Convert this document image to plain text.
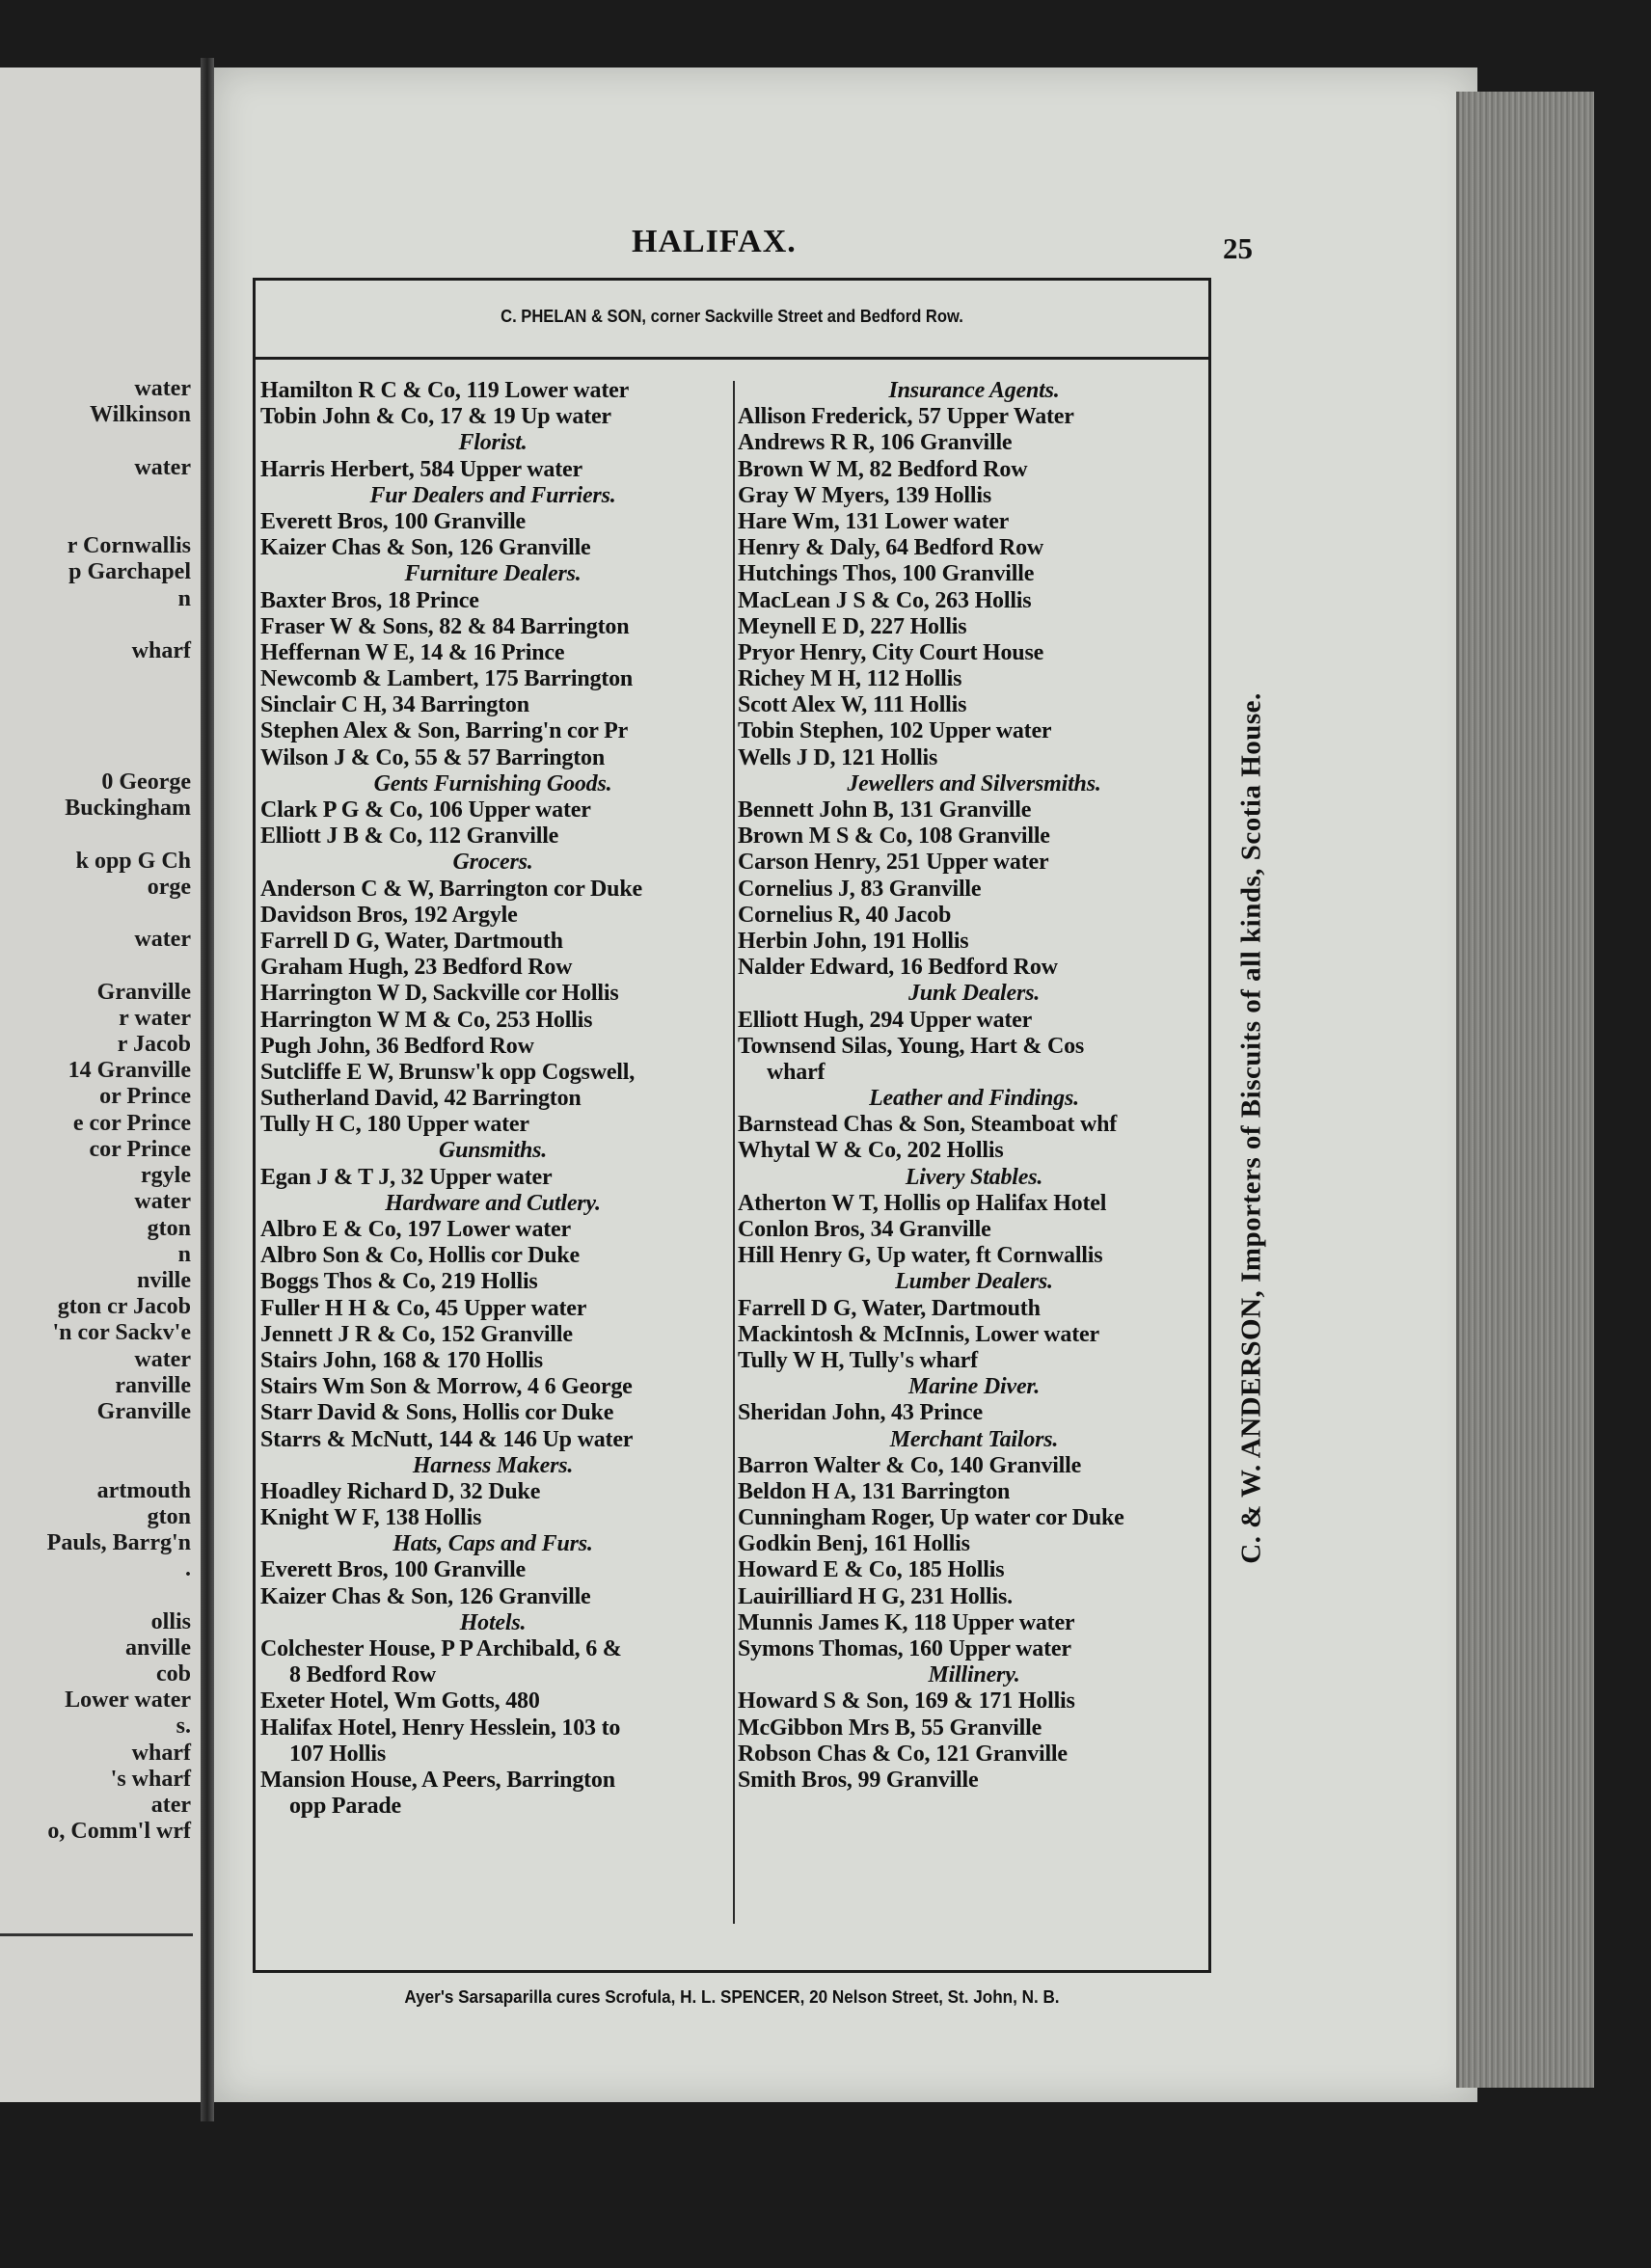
water
Wilkinson

water

r Cornwallis
p Garchapel
n

wharf

0 George
Buckingham

k opp G Ch
orge

water

Granville
r water
r Jacob
14 Granville
or Prince
e cor Prince
cor Prince
rgyle
water
gton
n
nville
gton cr Jacob
'n cor Sackv'e
water
ranville
Granville

artmouth
gton
Pauls, Barrg'n
.

ollis
anville
cob
Lower water
s.
wharf
's wharf
ater
o, Comm'l wrf
HALIFAX.	25
C. PHELAN & SON, corner Sackville Street and Bedford Row.
Hamilton R C & Co, 119 Lower water
Tobin John & Co, 17 & 19 Up water
Florist.
Harris Herbert, 584 Upper water
Fur Dealers and Furriers.
Everett Bros, 100 Granville
Kaizer Chas & Son, 126 Granville
Furniture Dealers.
Baxter Bros, 18 Prince
Fraser W & Sons, 82 & 84 Barrington
Heffernan W E, 14 & 16 Prince
Newcomb & Lambert, 175 Barrington
Sinclair C H, 34 Barrington
Stephen Alex & Son, Barring'n cor Pr
Wilson J & Co, 55 & 57 Barrington
Gents Furnishing Goods.
Clark P G & Co, 106 Upper water
Elliott J B & Co, 112 Granville
Grocers.
Anderson C & W, Barrington cor Duke
Davidson Bros, 192 Argyle
Farrell D G, Water, Dartmouth
Graham Hugh, 23 Bedford Row
Harrington W D, Sackville cor Hollis
Harrington W M & Co, 253 Hollis
Pugh John, 36 Bedford Row
Sutcliffe E W, Brunsw'k opp Cogswell,
Sutherland David, 42 Barrington
Tully H C, 180 Upper water
Gunsmiths.
Egan J & T J, 32 Upper water
Hardware and Cutlery.
Albro E & Co, 197 Lower water
Albro Son & Co, Hollis cor Duke
Boggs Thos & Co, 219 Hollis
Fuller H H & Co, 45 Upper water
Jennett J R & Co, 152 Granville
Stairs John, 168 & 170 Hollis
Stairs Wm Son & Morrow, 4 6 George
Starr David & Sons, Hollis cor Duke
Starrs & McNutt, 144 & 146 Up water
Harness Makers.
Hoadley Richard D, 32 Duke
Knight W F, 138 Hollis
Hats, Caps and Furs.
Everett Bros, 100 Granville
Kaizer Chas & Son, 126 Granville
Hotels.
Colchester House, P P Archibald, 6 &
8 Bedford Row
Exeter Hotel, Wm Gotts, 480
Halifax Hotel, Henry Hesslein, 103 to
107 Hollis
Mansion House, A Peers, Barrington
opp Parade
Insurance Agents.
Allison Frederick, 57 Upper Water
Andrews R R, 106 Granville
Brown W M, 82 Bedford Row
Gray W Myers, 139 Hollis
Hare Wm, 131 Lower water
Henry & Daly, 64 Bedford Row
Hutchings Thos, 100 Granville
MacLean J S & Co, 263 Hollis
Meynell E D, 227 Hollis
Pryor Henry, City Court House
Richey M H, 112 Hollis
Scott Alex W, 111 Hollis
Tobin Stephen, 102 Upper water
Wells J D, 121 Hollis
Jewellers and Silversmiths.
Bennett John B, 131 Granville
Brown M S & Co, 108 Granville
Carson Henry, 251 Upper water
Cornelius J, 83 Granville
Cornelius R, 40 Jacob
Herbin John, 191 Hollis
Nalder Edward, 16 Bedford Row
Junk Dealers.
Elliott Hugh, 294 Upper water
Townsend Silas, Young, Hart & Cos
wharf
Leather and Findings.
Barnstead Chas & Son, Steamboat whf
Whytal W & Co, 202 Hollis
Livery Stables.
Atherton W T, Hollis op Halifax Hotel
Conlon Bros, 34 Granville
Hill Henry G, Up water, ft Cornwallis
Lumber Dealers.
Farrell D G, Water, Dartmouth
Mackintosh & McInnis, Lower water
Tully W H, Tully's wharf
Marine Diver.
Sheridan John, 43 Prince
Merchant Tailors.
Barron Walter & Co, 140 Granville
Beldon H A, 131 Barrington
Cunningham Roger, Up water cor Duke
Godkin Benj, 161 Hollis
Howard E & Co, 185 Hollis
Lauirilliard H G, 231 Hollis.
Munnis James K, 118 Upper water
Symons Thomas, 160 Upper water
Millinery.
Howard S & Son, 169 & 171 Hollis
McGibbon Mrs B, 55 Granville
Robson Chas & Co, 121 Granville
Smith Bros, 99 Granville
C. & W. ANDERSON, Importers of Biscuits of all kinds, Scotia House.
Ayer's Sarsaparilla cures Scrofula, H. L. SPENCER, 20 Nelson Street, St. John, N. B.
